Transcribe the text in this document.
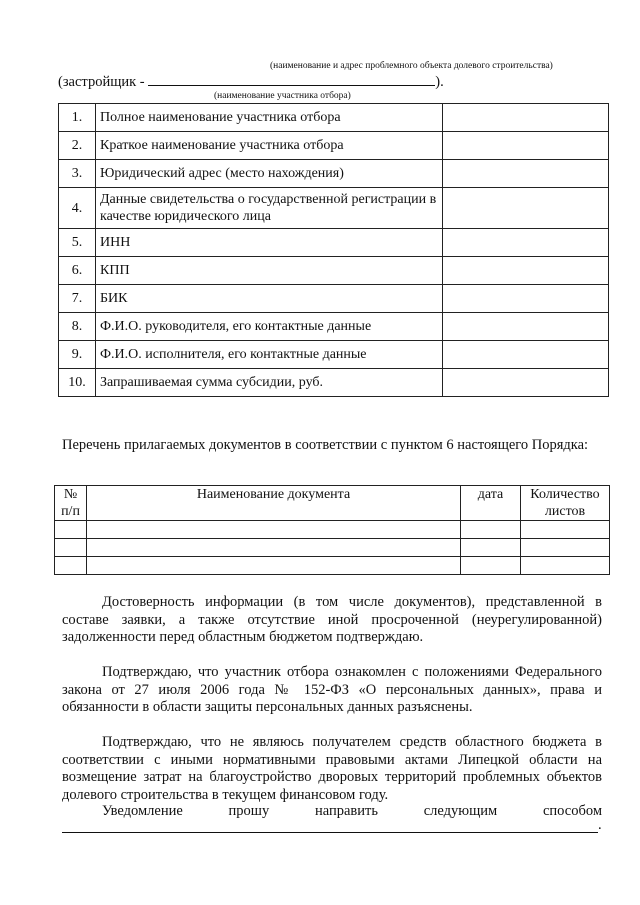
(наименование и адрес проблемного объекта долевого строительства)
(застройщик -	).
(наименование участника отбора)
1.	Полное наименование участника отбора	
2.	Краткое наименование участника отбора	
3.	Юридический адрес (место нахождения)	
4.	Данные свидетельства о государственной регистрации в качестве юридического лица	
5.	ИНН	
6.	КПП	
7.	БИК	
8.	Ф.И.О. руководителя, его контактные данные	
9.	Ф.И.О. исполнителя, его контактные данные	
10.	Запрашиваемая сумма субсидии, руб.	
Перечень прилагаемых документов в соответствии с пунктом 6 настоящего Порядка:
№ п/п	Наименование документа	дата	Количество листов

Достоверность информации (в том числе документов), представленной в составе заявки, а также отсутствие иной просроченной (неурегулированной) задолженности перед областным бюджетом подтверждаю.
Подтверждаю, что участник отбора ознакомлен с положениями Федерального закона от 27 июля 2006 года № 152-ФЗ «О персональных данных», права и обязанности в области защиты персональных данных разъяснены.
Подтверждаю, что не являюсь получателем средств областного бюджета в соответствии с иными нормативными правовыми актами Липецкой области на возмещение затрат на благоустройство дворовых территорий проблемных объектов долевого строительства в текущем финансовом году.
Уведомление прошу направить следующим способом
.
